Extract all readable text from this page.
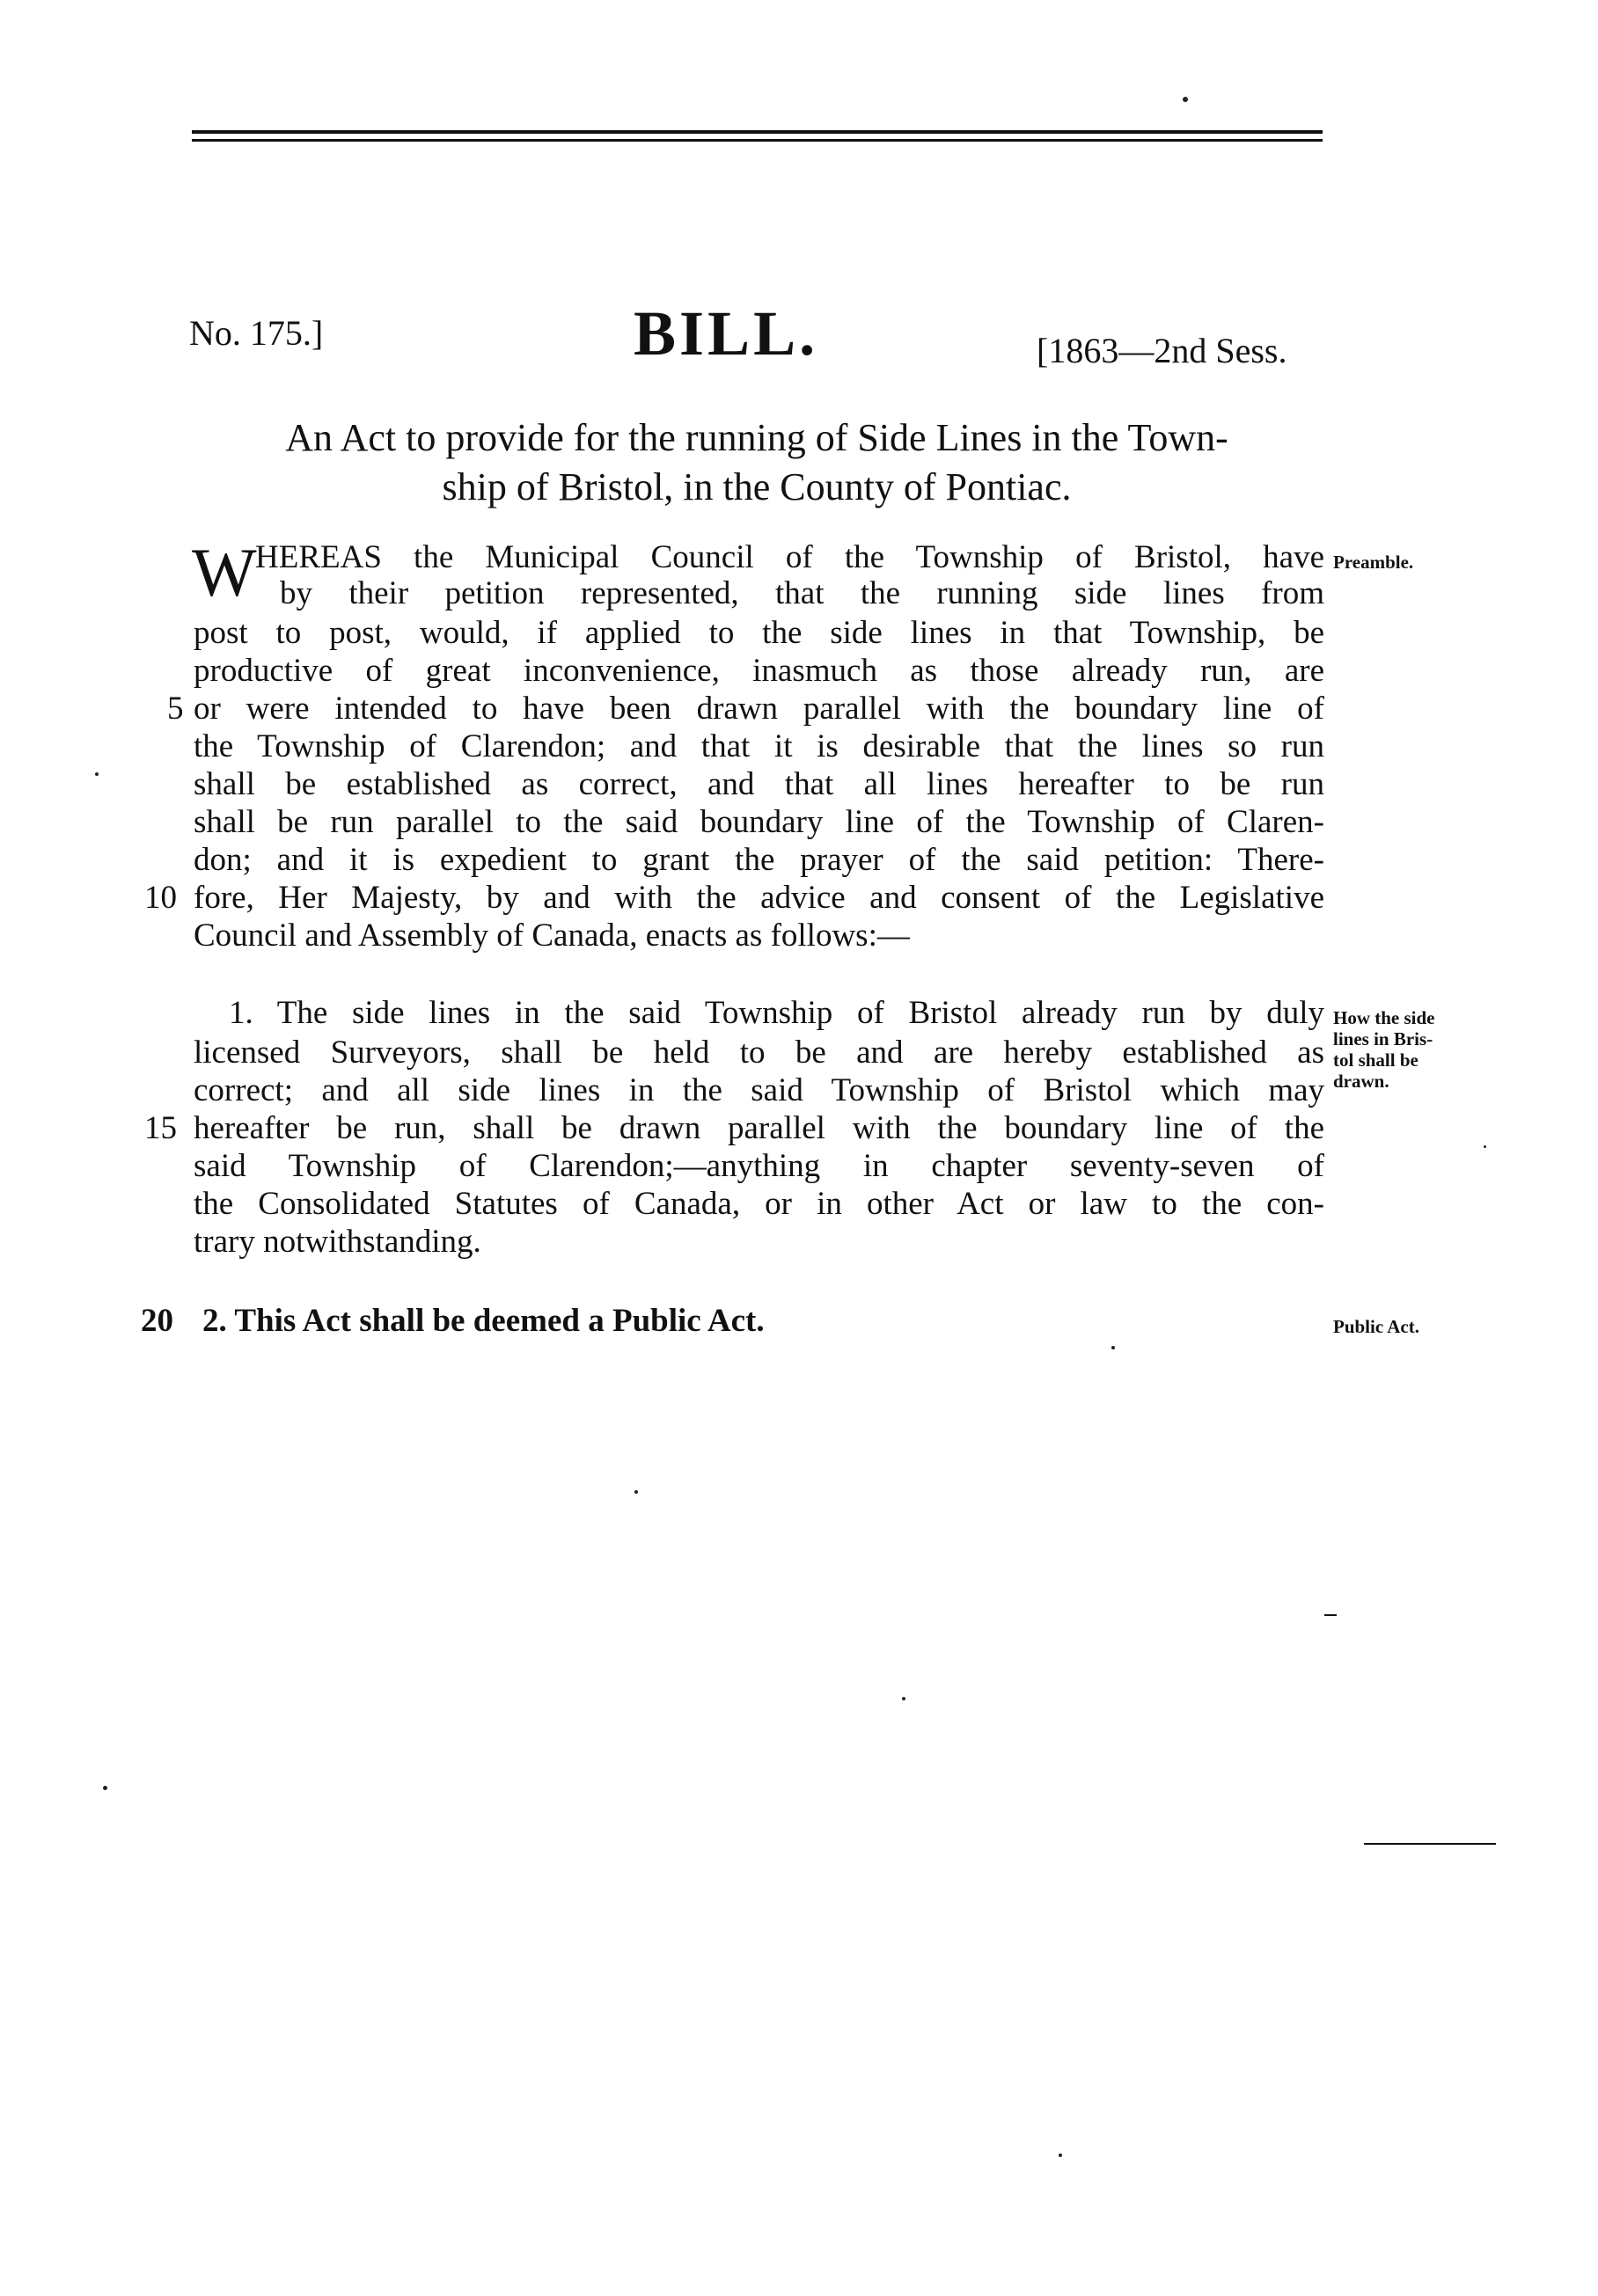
No. 175.]	BILL.	[1863—2nd Sess.
An Act to provide for the running of Side Lines in the Town-
ship of Bristol, in the County of Pontiac.
W
HEREAS the Municipal Council of the Township of Bristol, have
by their petition represented, that the running side lines from
post to post, would, if applied to the side lines in that Township, be
productive of great inconvenience, inasmuch as those already run, are
or were intended to have been drawn parallel with the boundary line of
the Township of Clarendon; and that it is desirable that the lines so run
shall be established as correct, and that all lines hereafter to be run
shall be run parallel to the said boundary line of the Township of Claren-
don; and it is expedient to grant the prayer of the said petition: There-
fore, Her Majesty, by and with the advice and consent of the Legislative
Council and Assembly of Canada, enacts as follows:—
Preamble.
1. The side lines in the said Township of Bristol already run by duly
licensed Surveyors, shall be held to be and are hereby established as
correct; and all side lines in the said Township of Bristol which may
hereafter be run, shall be drawn parallel with the boundary line of the
said Township of Clarendon;—anything in chapter seventy-seven of
the Consolidated Statutes of Canada, or in other Act or law to the con-
trary notwithstanding.
How the side
lines in Bris-
tol shall be
drawn.
2. This Act shall be deemed a Public Act.	Public Act.
5
10
15
20
